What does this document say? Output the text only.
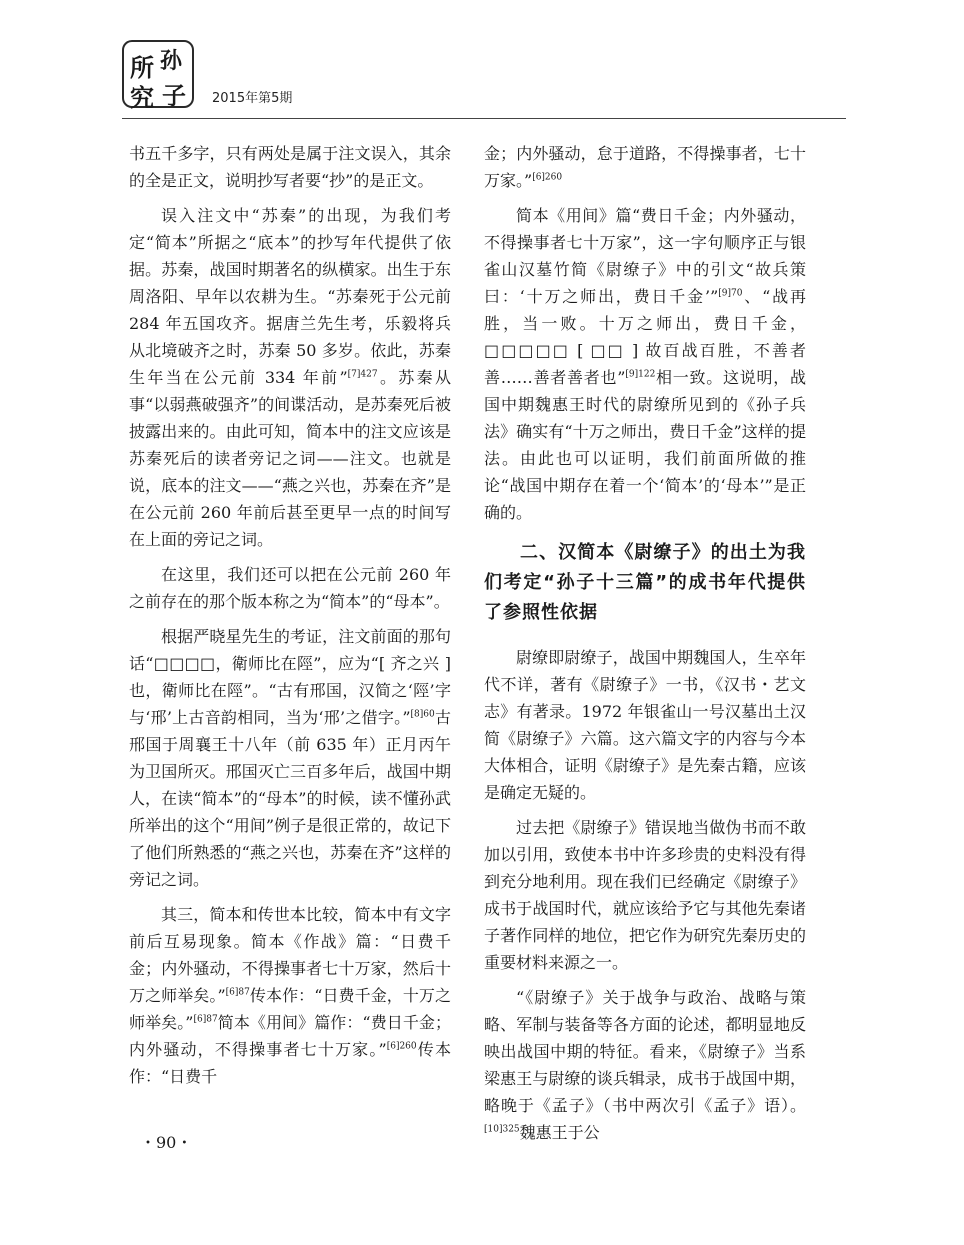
所 孙
究 子 2015年第5期

书五千多字，只有两处是属于注文误入，其余的全是正文，说明抄写者要“抄”的是正文。

误入注文中“苏秦”的出现，为我们考定“简本”所据之“底本”的抄写年代提供了依据。苏秦，战国时期著名的纵横家。出生于东周洛阳、早年以农耕为生。“苏秦死于公元前 284 年五国攻齐。据唐兰先生考，乐毅将兵从北境破齐之时，苏秦 50 多岁。依此，苏秦生年当在公元前 334 年前”$^{[7]427}$。苏秦从事“以弱燕破强齐”的间谍活动，是苏秦死后被披露出来的。由此可知，简本中的注文应该是苏秦死后的读者旁记之词——注文。也就是说，底本的注文——“燕之兴也，苏秦在齐”是在公元前 260 年前后甚至更早一点的时间写在上面的旁记之词。

在这里，我们还可以把在公元前 260 年之前存在的那个版本称之为“简本”的“母本”。

根据严晓星先生的考证，注文前面的那句话“□□□□，衛师比在陘”，应为“[ 齐之兴 ] 也，衛师比在陘”。“古有邢国，汉简之‘陘’字与‘邢’上古音韵相同，当为‘邢’之借字。”$^{[8]60}$古邢国于周襄王十八年（前 635 年）正月丙午为卫国所灭。邢国灭亡三百多年后，战国中期人，在读“简本”的“母本”的时候，读不懂孙武所举出的这个“用间”例子是很正常的，故记下了他们所熟悉的“燕之兴也，苏秦在齐”这样的旁记之词。

其三，简本和传世本比较，简本中有文字前后互易现象。简本《作战》篇：“日费千金；内外骚动，不得操事者七十万家，然后十万之师举矣。”$^{[6]87}$传本作：“日费千金，十万之师举矣。”$^{[6]87}$简本《用间》篇作：“费日千金；内外骚动，不得操事者七十万家。”$^{[6]260}$传本作：“日费千

金；内外骚动，怠于道路，不得操事者，七十万家。”$^{[6]260}$

简本《用间》篇“费日千金；内外骚动，不得操事者七十万家”，这一字句顺序正与银雀山汉墓竹简《尉缭子》中的引文“故兵策曰：‘十万之师出，费日千金’”$^{[9]70}$、“战再胜，当一败。十万之师出，费日千金，□□□□□ [ □□ ] 故百战百胜，不善者善……善者善者也”$^{[9]122}$相一致。这说明，战国中期魏惠王时代的尉缭所见到的《孙子兵法》确实有“十万之师出，费日千金”这样的提法。由此也可以证明，我们前面所做的推论“战国中期存在着一个‘简本’的‘母本’”是正确的。

二、汉简本《尉缭子》的出土为我们考定“孙子十三篇”的成书年代提供了参照性依据

尉缭即尉缭子，战国中期魏国人，生卒年代不详，著有《尉缭子》一书，《汉书・艺文志》有著录。1972 年银雀山一号汉墓出土汉简《尉缭子》六篇。这六篇文字的内容与今本大体相合，证明《尉缭子》是先秦古籍，应该是确定无疑的。

过去把《尉缭子》错误地当做伪书而不敢加以引用，致使本书中许多珍贵的史料没有得到充分地利用。现在我们已经确定《尉缭子》成书于战国时代，就应该给予它与其他先秦诸子著作同样的地位，把它作为研究先秦历史的重要材料来源之一。

“《尉缭子》关于战争与政治、战略与策略、军制与装备等各方面的论述，都明显地反映出战国中期的特征。看来，《尉缭子》当系梁惠王与尉缭的谈兵辑录，成书于战国中期，略晚于《孟子》（书中两次引《孟子》语）。$^{[10]325}$魏惠王于公

・90・
